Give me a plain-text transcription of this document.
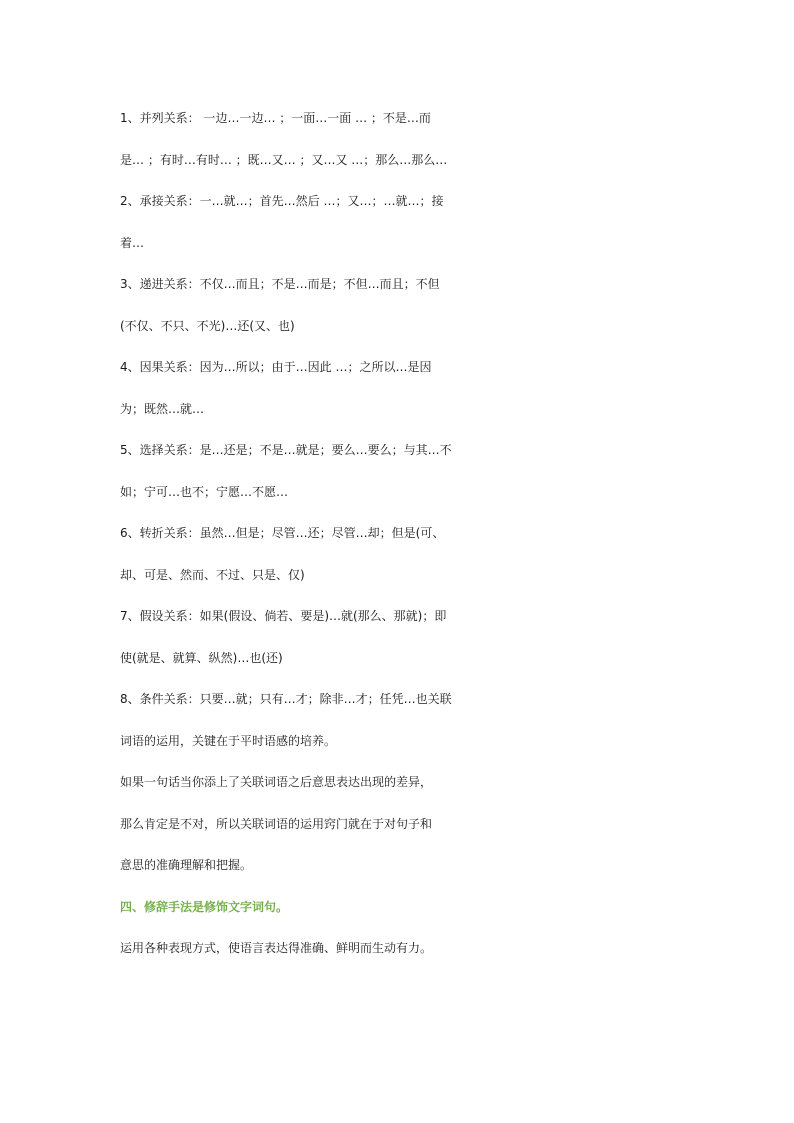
1、并列关系： 一边…一边… ；一面…一面 … ；不是…而
是… ；有时…有时… ；既…又… ；又…又 …；那么…那么…
2、承接关系：一…就…；首先…然后 …；又…；…就…；接
着…
3、递进关系：不仅…而且；不是…而是；不但…而且；不但
(不仅、不只、不光)…还(又、也)
4、因果关系：因为…所以；由于…因此 …；之所以…是因
为；既然…就…
5、选择关系：是…还是；不是…就是；要么…要么；与其…不
如；宁可…也不；宁愿…不愿…
6、转折关系：虽然…但是；尽管…还；尽管…却；但是(可、
却、可是、然而、不过、只是、仅)
7、假设关系：如果(假设、倘若、要是)…就(那么、那就)；即
使(就是、就算、纵然)…也(还)
8、条件关系：只要…就；只有…才；除非…才；任凭…也关联
词语的运用，关键在于平时语感的培养。
如果一句话当你添上了关联词语之后意思表达出现的差异，
那么肯定是不对，所以关联词语的运用窍门就在于对句子和
意思的准确理解和把握。
四、修辞手法是修饰文字词句。
运用各种表现方式，使语言表达得准确、鲜明而生动有力。
